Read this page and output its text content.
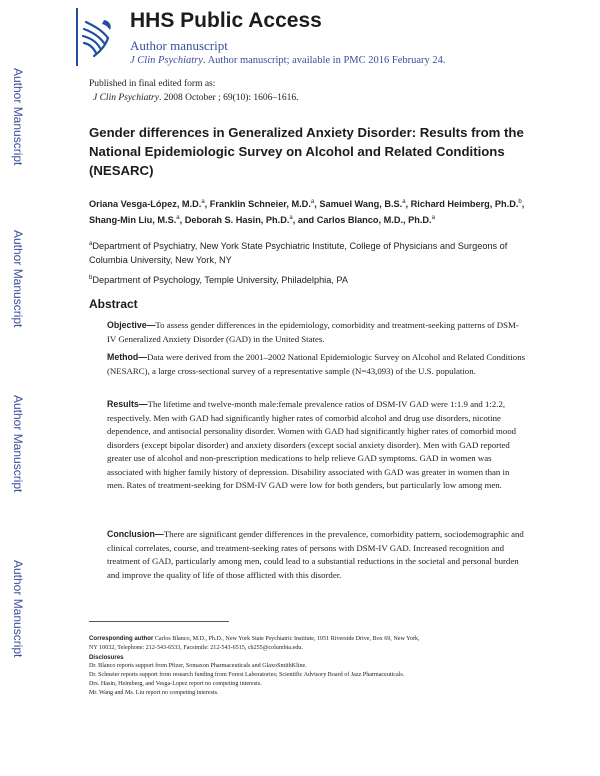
Author Manuscript
Author Manuscript
Author Manuscript
Author Manuscript
HHS Public Access
Author manuscript
J Clin Psychiatry. Author manuscript; available in PMC 2016 February 24.
Published in final edited form as:
J Clin Psychiatry. 2008 October ; 69(10): 1606–1616.
Gender differences in Generalized Anxiety Disorder: Results from the National Epidemiologic Survey on Alcohol and Related Conditions (NESARC)
Oriana Vesga-López, M.D.$^a$, Franklin Schneier, M.D.$^a$, Samuel Wang, B.S.$^a$, Richard Heimberg, Ph.D.$^b$, Shang-Min Liu, M.S.$^a$, Deborah S. Hasin, Ph.D.$^a$, and Carlos Blanco, M.D., Ph.D.$^a$
$^a$Department of Psychiatry, New York State Psychiatric Institute, College of Physicians and Surgeons of Columbia University, New York, NY
$^b$Department of Psychology, Temple University, Philadelphia, PA
Abstract
Objective—To assess gender differences in the epidemiology, comorbidity and treatment-seeking patterns of DSM-IV Generalized Anxiety Disorder (GAD) in the United States.
Method—Data were derived from the 2001–2002 National Epidemiologic Survey on Alcohol and Related Conditions (NESARC), a large cross-sectional survey of a representative sample (N=43,093) of the U.S. population.
Results—The lifetime and twelve-month male:female prevalence ratios of DSM-IV GAD were 1:1.9 and 1:2.2, respectively. Men with GAD had significantly higher rates of comorbid alcohol and drug use disorders, nicotine dependence, and antisocial personality disorder. Women with GAD had significantly higher rates of comorbid mood disorders (except bipolar disorder) and anxiety disorders (except social anxiety disorder). Men with GAD reported greater use of alcohol and non-prescription medications to help relieve GAD symptoms. GAD in women was associated with higher family history of depression. Disability associated with GAD was greater in women than in men. Rates of treatment-seeking for DSM-IV GAD were low for both genders, but particularly low among men.
Conclusion—There are significant gender differences in the prevalence, comorbidity pattern, sociodemographic and clinical correlates, course, and treatment-seeking rates of persons with DSM-IV GAD. Increased recognition and treatment of GAD, particularly among men, could lead to a substantial reductions in the societal and personal burden and improve the quality of life of those afflicted with this disorder.
Corresponding author Carlos Blanco, M.D., Ph.D., New York State Psychiatric Institute, 1051 Riverside Drive, Box 69, New York,
NY 10032, Telephone: 212-543-6533, Facsimile: 212-543-6515, cb255@columbia.edu.
Disclosures
Dr. Blanco reports support from Pfizer, Somaxon Pharmaceuticals and GlaxoSmithKline.
Dr. Schneier reports support from research funding from Forest Laboratories; Scientific Advisory Board of Jazz Pharmaceuticals.
Drs. Hasin, Heimberg, and Vesga-Lopez report no competing interests.
Mr. Wang and Ms. Liu report no competing interests.
